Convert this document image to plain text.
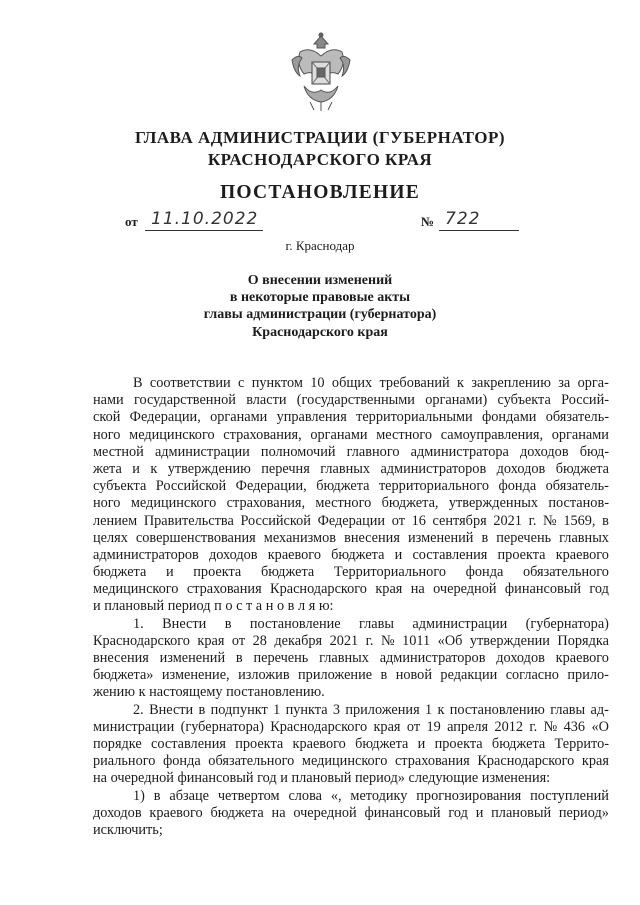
ГЛАВА АДМИНИСТРАЦИИ (ГУБЕРНАТОР)
КРАСНОДАРСКОГО КРАЯ
ПОСТАНОВЛЕНИЕ
от 11.10.2022	№ 722
г. Краснодар
О внесении изменений
в некоторые правовые акты
главы администрации (губернатора)
Краснодарского края
В соответствии с пунктом 10 общих требований к закреплению за орга-
нами государственной власти (государственными органами) субъекта Россий-
ской Федерации, органами управления территориальными фондами обязатель-
ного медицинского страхования, органами местного самоуправления, органами
местной администрации полномочий главного администратора доходов бюд-
жета и к утверждению перечня главных администраторов доходов бюджета
субъекта Российской Федерации, бюджета территориального фонда обязатель-
ного медицинского страхования, местного бюджета, утвержденных постанов-
лением Правительства Российской Федерации от 16 сентября 2021 г. № 1569, в
целях совершенствования механизмов внесения изменений в перечень главных
администраторов доходов краевого бюджета и составления проекта краевого
бюджета и проекта бюджета Территориального фонда обязательного
медицинского страхования Краснодарского края на очередной финансовый год
и плановый период п о с т а н о в л я ю:
1. Внести в постановление главы администрации (губернатора)
Краснодарского края от 28 декабря 2021 г. № 1011 «Об утверждении Порядка
внесения изменений в перечень главных администраторов доходов краевого
бюджета» изменение, изложив приложение в новой редакции согласно прило-
жению к настоящему постановлению.
2. Внести в подпункт 1 пункта 3 приложения 1 к постановлению главы ад-
министрации (губернатора) Краснодарского края от 19 апреля 2012 г. № 436 «О
порядке составления проекта краевого бюджета и проекта бюджета Террито-
риального фонда обязательного медицинского страхования Краснодарского края
на очередной финансовый год и плановый период» следующие изменения:
1) в абзаце четвертом слова «, методику прогнозирования поступлений
доходов краевого бюджета на очередной финансовый год и плановый период»
исключить;
